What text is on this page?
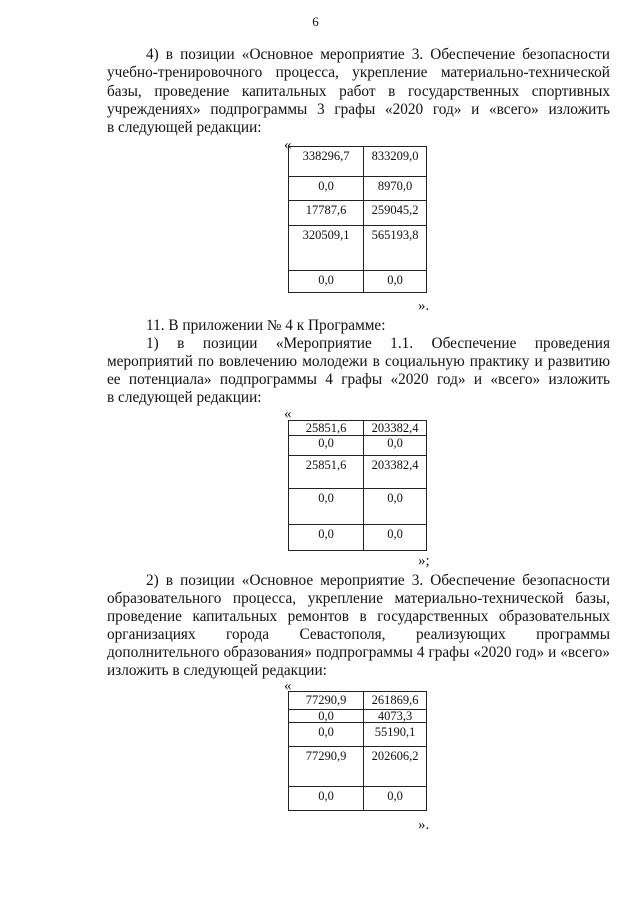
6
4) в позиции «Основное мероприятие 3. Обеспечение безопасности
учебно-тренировочного процесса, укрепление материально-технической
базы, проведение капитальных работ в государственных спортивных
учреждениях» подпрограммы 3 графы «2020 год» и «всего» изложить
в следующей редакции:
«
338296,7	833209,0

0,0	8970,0

17787,6	259045,2

320509,1	565193,8

0,0	0,0
».
11. В приложении № 4 к Программе:
1) в позиции «Мероприятие 1.1. Обеспечение проведения
мероприятий по вовлечению молодежи в социальную практику и развитию
ее потенциала» подпрограммы 4 графы «2020 год» и «всего» изложить
в следующей редакции:
«
25851,6	203382,4

0,0	0,0

25851,6	203382,4

0,0	0,0

0,0	0,0
»;
2) в позиции «Основное мероприятие 3. Обеспечение безопасности
образовательного процесса, укрепление материально-технической базы,
проведение капитальных ремонтов в государственных образовательных
организациях города Севастополя, реализующих программы
дополнительного образования» подпрограммы 4 графы «2020 год» и «всего»
изложить в следующей редакции:
«
77290,9	261869,6

0,0	4073,3

0,0	55190,1

77290,9	202606,2

0,0	0,0
».
